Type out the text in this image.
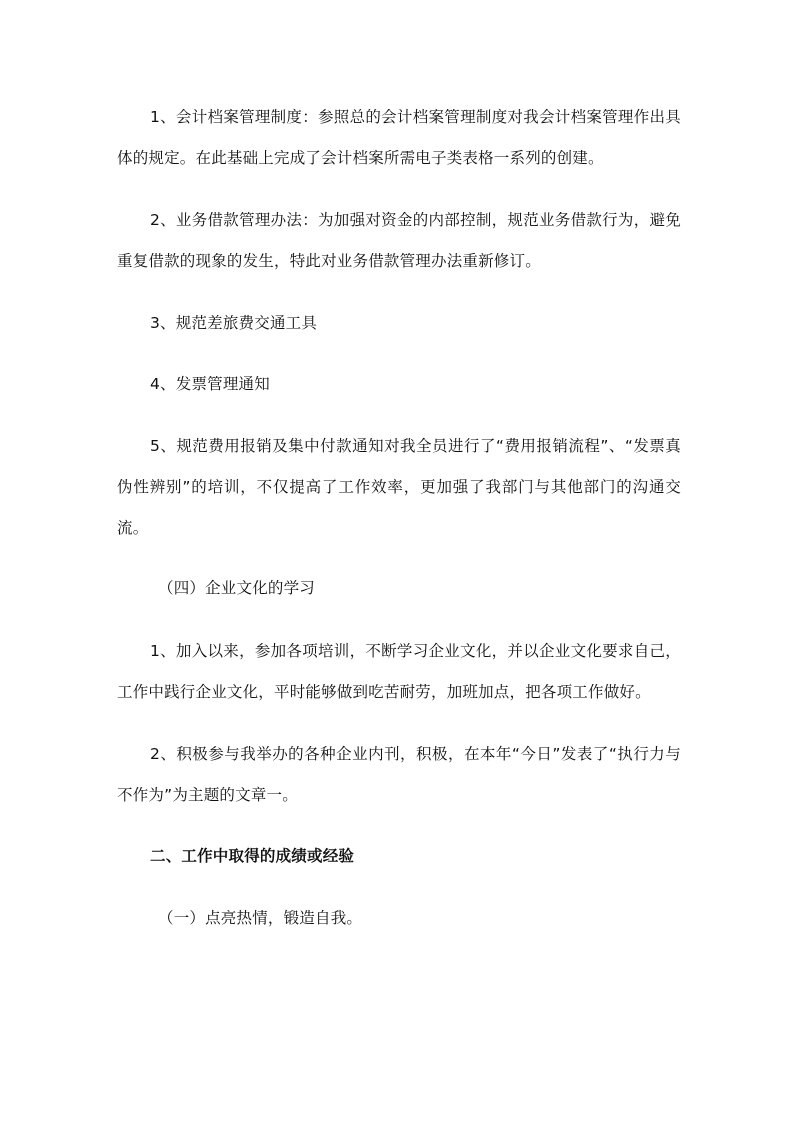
1、会计档案管理制度：参照总的会计档案管理制度对我会计档案管理作出具体的规定。在此基础上完成了会计档案所需电子类表格一系列的创建。

2、业务借款管理办法：为加强对资金的内部控制，规范业务借款行为，避免重复借款的现象的发生，特此对业务借款管理办法重新修订。

3、规范差旅费交通工具

4、发票管理通知

5、规范费用报销及集中付款通知对我全员进行了“费用报销流程”、“发票真伪性辨别”的培训，不仅提高了工作效率，更加强了我部门与其他部门的沟通交流。

（四）企业文化的学习

1、加入以来，参加各项培训，不断学习企业文化，并以企业文化要求自己，工作中践行企业文化，平时能够做到吃苦耐劳，加班加点，把各项工作做好。

2、积极参与我举办的各种企业内刊，积极，在本年“今日”发表了“执行力与不作为”为主题的文章一。

二、工作中取得的成绩或经验

（一）点亮热情，锻造自我。
